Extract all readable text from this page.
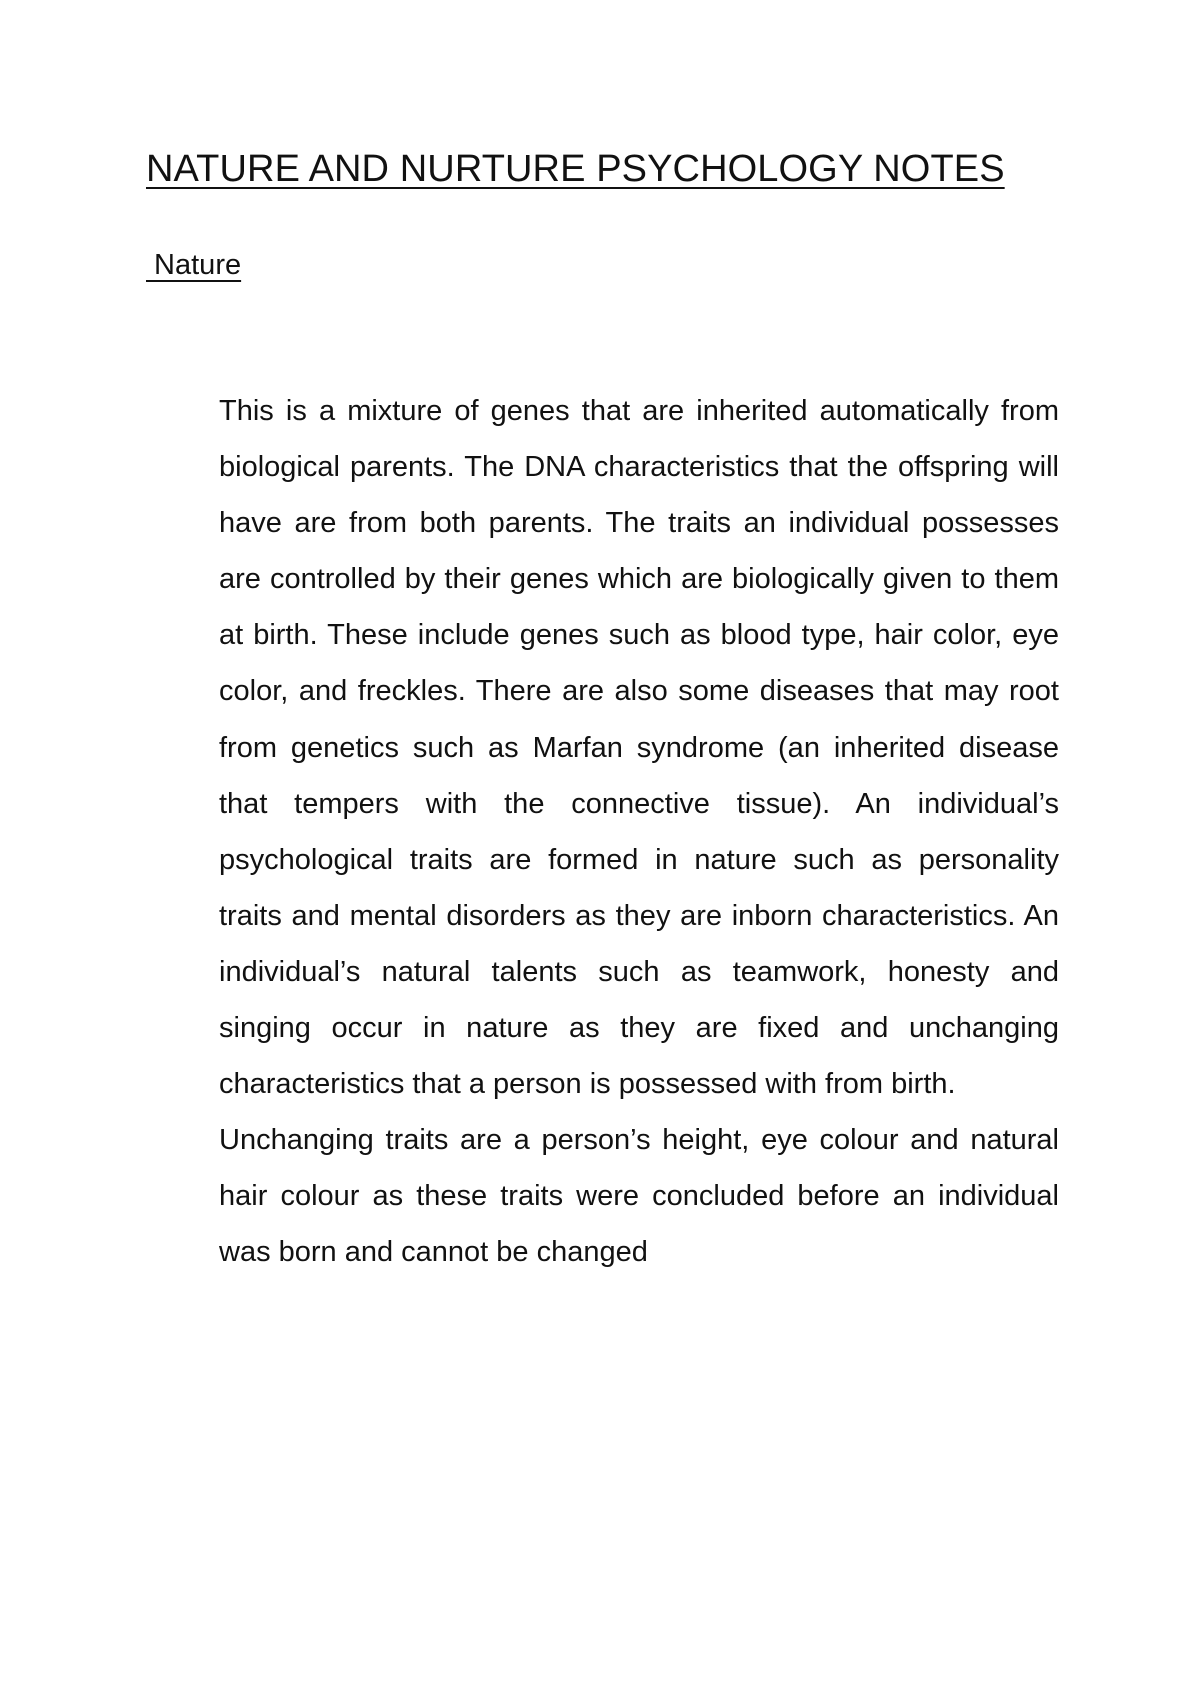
NATURE AND NURTURE PSYCHOLOGY NOTES
Nature

This is a mixture of genes that are inherited automatically from biological parents. The DNA characteristics that the offspring will have are from both parents. The traits an individual possesses are controlled by their genes which are biologically given to them at birth. These include genes such as blood type, hair color, eye color, and freckles. There are also some diseases that may root from genetics such as Marfan syndrome (an inherited disease that tempers with the connective tissue). An individual’s psychological traits are formed in nature such as personality traits and mental disorders as they are inborn characteristics. An individual’s natural talents such as teamwork, honesty and singing occur in nature as they are fixed and unchanging characteristics that a person is possessed with from birth.

Unchanging traits are a person’s height, eye colour and natural hair colour as these traits were concluded before an individual was born and cannot be changed
